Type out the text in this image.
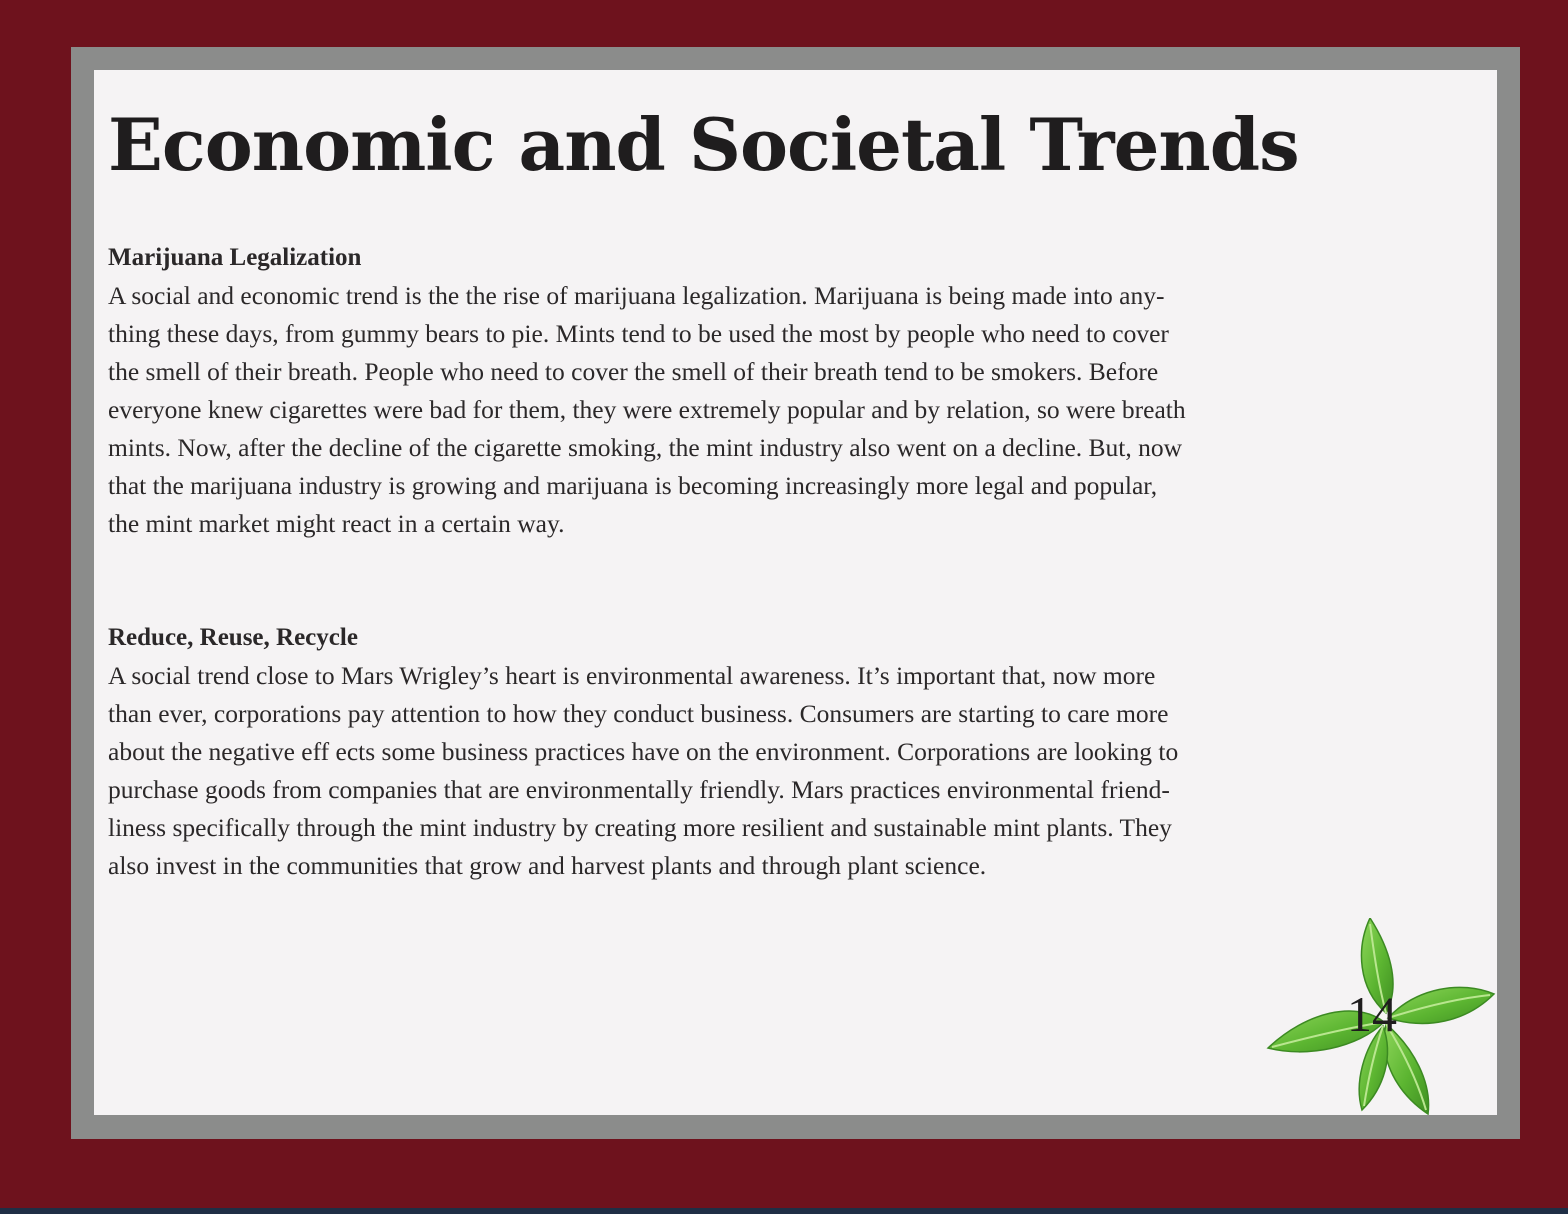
Economic and Societal Trends

Marijuana Legalization

A social and economic trend is the the rise of marijuana legalization. Marijuana is being made into any-
thing these days, from gummy bears to pie. Mints tend to be used the most by people who need to cover
the smell of their breath. People who need to cover the smell of their breath tend to be smokers. Before
everyone knew cigarettes were bad for them, they were extremely popular and by relation, so were breath
mints. Now, after the decline of the cigarette smoking, the mint industry also went on a decline. But, now
that the marijuana industry is growing and marijuana is becoming increasingly more legal and popular,
the mint market might react in a certain way.

Reduce, Reuse, Recycle

A social trend close to Mars Wrigley’s heart is environmental awareness. It’s important that, now more
than ever, corporations pay attention to how they conduct business. Consumers are starting to care more
about the negative eff ects some business practices have on the environment. Corporations are looking to
purchase goods from companies that are environmentally friendly. Mars practices environmental friend-
liness specifically through the mint industry by creating more resilient and sustainable mint plants. They
also invest in the communities that grow and harvest plants and through plant science.
14
